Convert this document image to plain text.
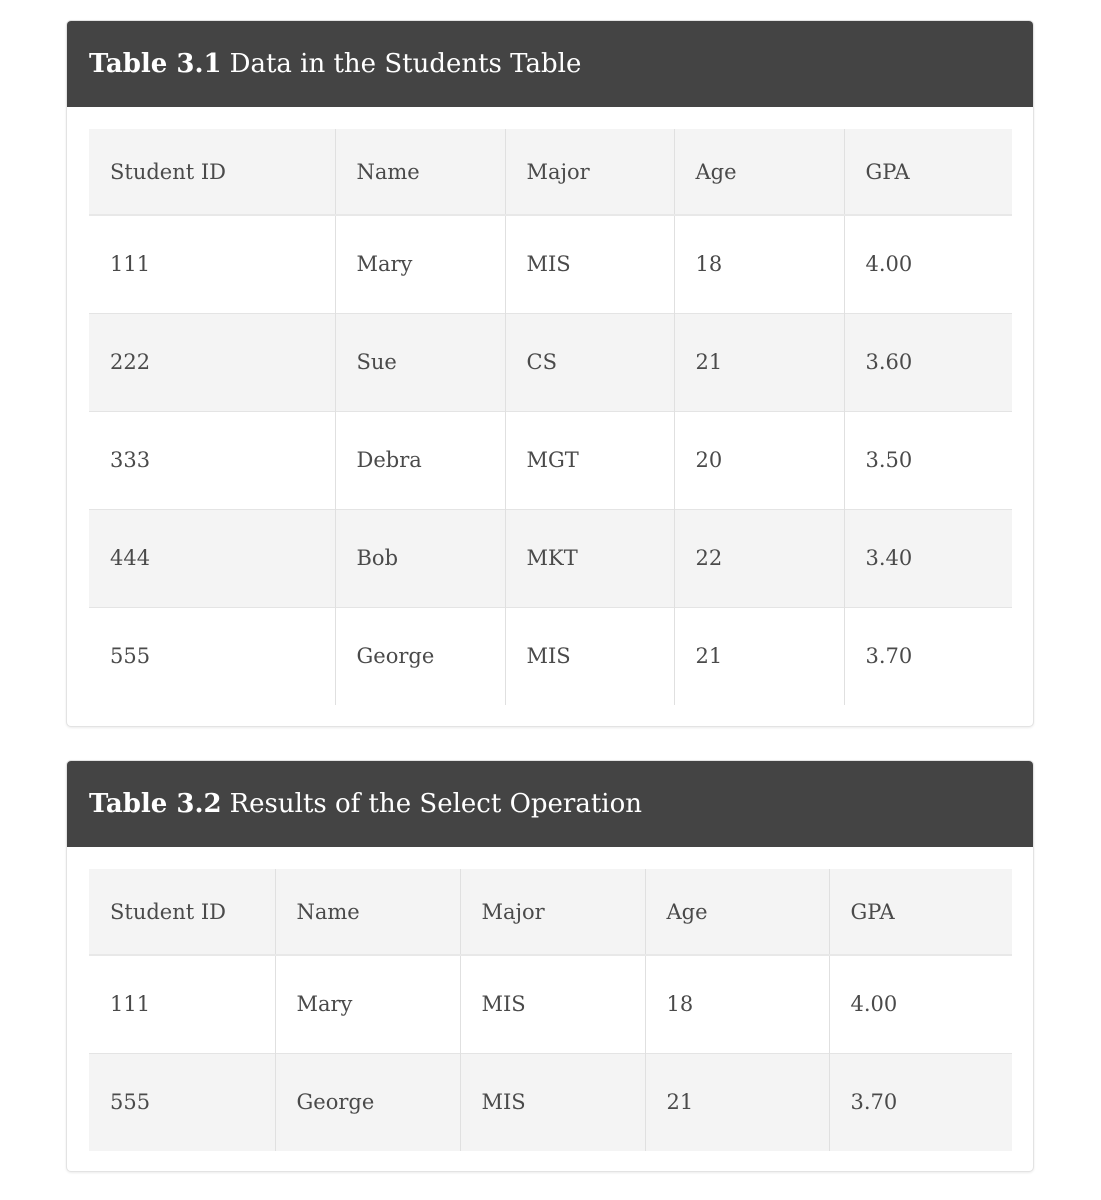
Table 3.1 Data in the Students Table
Student ID	Name	Major	Age	GPA
111	Mary	MIS	18	4.00
222	Sue	CS	21	3.60
333	Debra	MGT	20	3.50
444	Bob	MKT	22	3.40
555	George	MIS	21	3.70
Table 3.2 Results of the Select Operation
Student ID	Name	Major	Age	GPA
111	Mary	MIS	18	4.00
555	George	MIS	21	3.70
